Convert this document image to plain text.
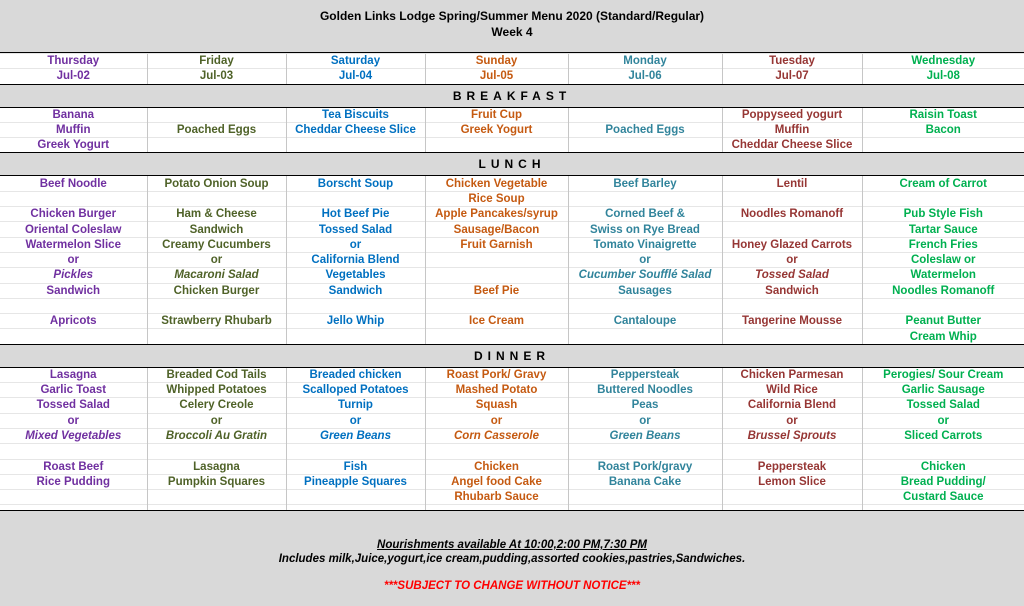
Golden Links Lodge Spring/Summer Menu 2020 (Standard/Regular)
Week 4
Thursday	Friday	Saturday	Sunday	Monday	Tuesday	Wednesday
Jul-02	Jul-03	Jul-04	Jul-05	Jul-06	Jul-07	Jul-08
BREAKFAST						
Banana		Tea Biscuits	Fruit Cup		Poppyseed yogurt	Raisin Toast
Muffin	Poached Eggs	Cheddar Cheese Slice	Greek Yogurt	Poached Eggs	Muffin	Bacon
Greek Yogurt					Cheddar Cheese Slice	
LUNCH						
Beef Noodle	Potato Onion Soup	Borscht Soup	Chicken Vegetable	Beef Barley	Lentil	Cream of Carrot
			Rice Soup			
Chicken Burger	Ham & Cheese	Hot Beef Pie	Apple Pancakes/syrup	Corned Beef &	Noodles Romanoff	Pub Style Fish
Oriental Coleslaw	Sandwich	Tossed Salad	Sausage/Bacon	Swiss on Rye Bread		Tartar Sauce
Watermelon Slice	Creamy Cucumbers	or	Fruit Garnish	Tomato Vinaigrette	Honey Glazed Carrots	French Fries
or	or	California Blend		or	or	Coleslaw or
Pickles	Macaroni Salad	Vegetables		Cucumber Soufflé Salad	Tossed Salad	Watermelon
Sandwich	Chicken Burger	Sandwich	Beef Pie	Sausages	Sandwich	Noodles Romanoff

Apricots	Strawberry Rhubarb	Jello Whip	Ice Cream	Cantaloupe	Tangerine Mousse	Peanut Butter
						Cream Whip
DINNER						
Lasagna	Breaded Cod Tails	Breaded chicken	Roast Pork/ Gravy	Peppersteak	Chicken Parmesan	Perogies/ Sour Cream
Garlic Toast	Whipped Potatoes	Scalloped Potatoes	Mashed Potato	Buttered Noodles	Wild Rice	Garlic Sausage
Tossed Salad	Celery Creole	Turnip	Squash	Peas	California Blend	Tossed Salad
or	or	or	or	or	or	or
Mixed Vegetables	Broccoli Au Gratin	Green Beans	Corn Casserole	Green Beans	Brussel Sprouts	Sliced Carrots

Roast Beef	Lasagna	Fish	Chicken	Roast Pork/gravy	Peppersteak	Chicken
Rice Pudding	Pumpkin Squares	Pineapple Squares	Angel food Cake	Banana Cake	Lemon Slice	Bread Pudding/
			Rhubarb Sauce			Custard Sauce

Nourishments available At 10:00,2:00 PM,7:30 PM
Includes milk,Juice,yogurt,ice cream,pudding,assorted cookies,pastries,Sandwiches.
***SUBJECT TO CHANGE WITHOUT NOTICE***
